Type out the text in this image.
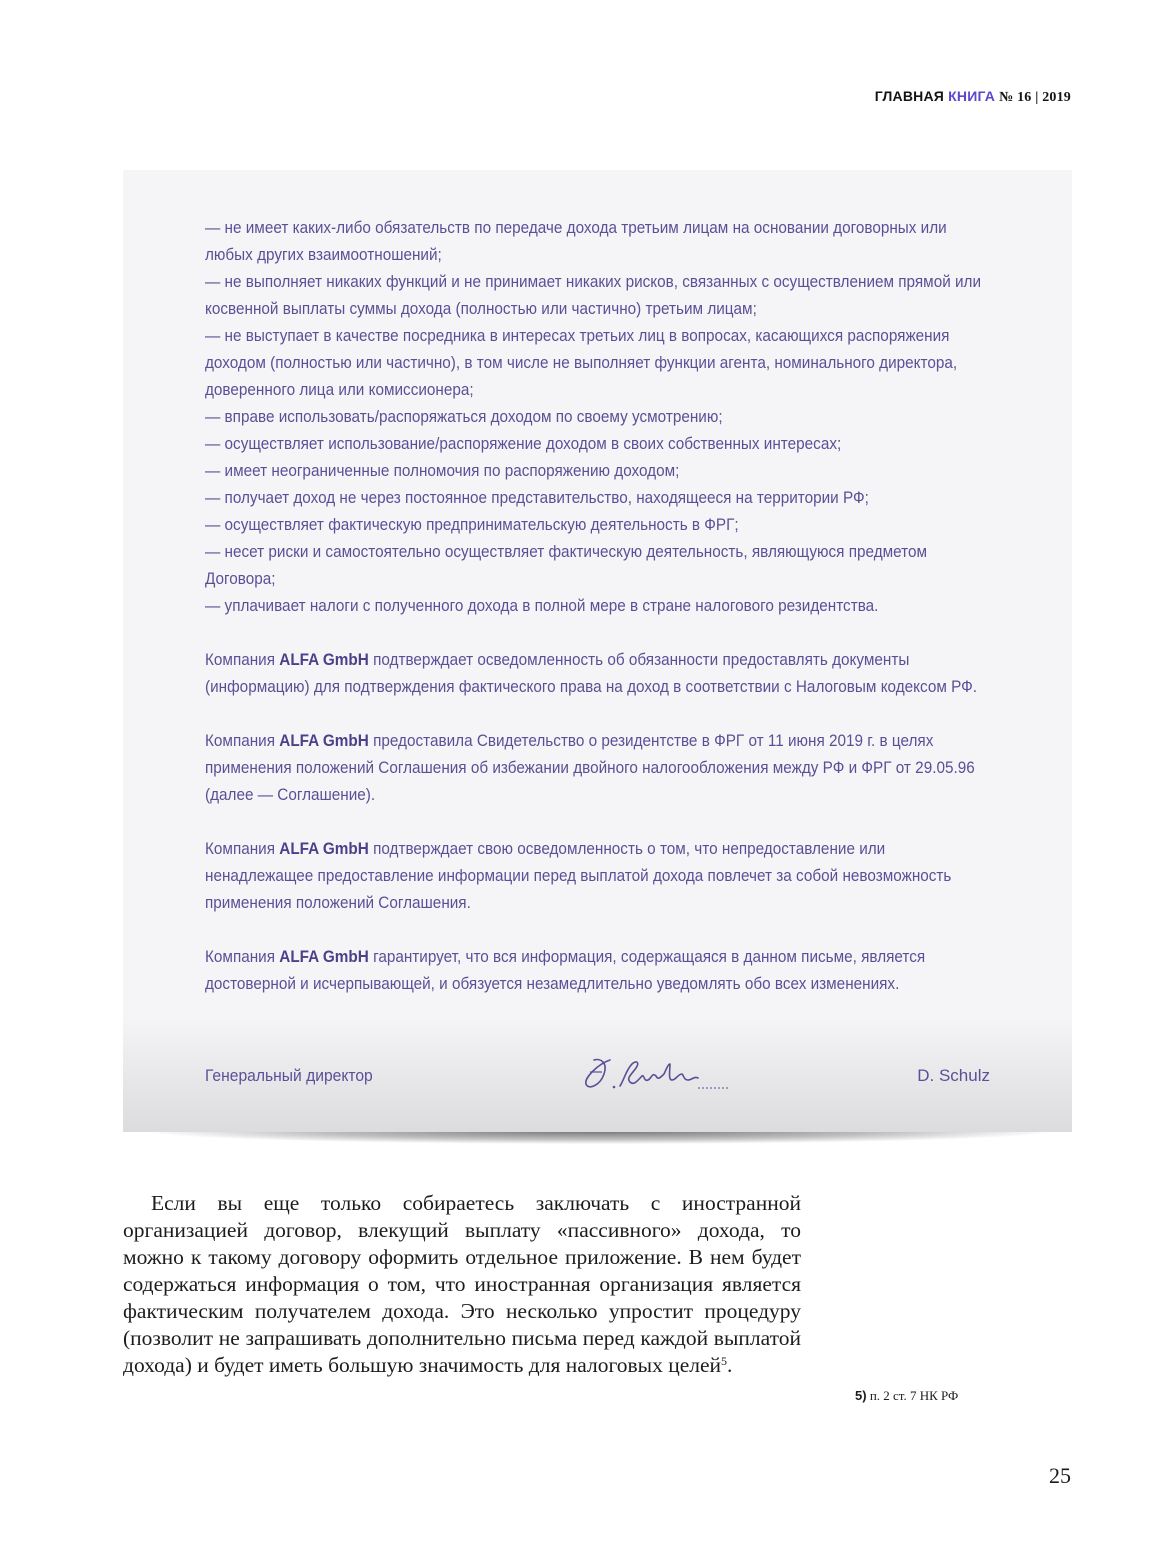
ГЛАВНАЯ КНИГА № 16 | 2019
— не имеет каких-либо обязательств по передаче дохода третьим лицам на основании договорных или любых других взаимоотношений;
— не выполняет никаких функций и не принимает никаких рисков, связанных с осуществлением прямой или косвенной выплаты суммы дохода (полностью или частично) третьим лицам;
— не выступает в качестве посредника в интересах третьих лиц в вопросах, касающихся распоряжения доходом (полностью или частично), в том числе не выполняет функции агента, номинального директора, доверенного лица или комиссионера;
— вправе использовать/распоряжаться доходом по своему усмотрению;
— осуществляет использование/распоряжение доходом в своих собственных интересах;
— имеет неограниченные полномочия по распоряжению доходом;
— получает доход не через постоянное представительство, находящееся на территории РФ;
— осуществляет фактическую предпринимательскую деятельность в ФРГ;
— несет риски и самостоятельно осуществляет фактическую деятельность, являющуюся предметом Договора;
— уплачивает налоги с полученного дохода в полной мере в стране налогового резидентства.

Компания ALFA GmbH подтверждает осведомленность об обязанности предоставлять документы (информацию) для подтверждения фактического права на доход в соответствии с Налоговым кодексом РФ.

Компания ALFA GmbH предоставила Свидетельство о резидентстве в ФРГ от 11 июня 2019 г. в целях применения положений Соглашения об избежании двойного налогообложения между РФ и ФРГ от 29.05.96 (далее — Соглашение).

Компания ALFA GmbH подтверждает свою осведомленность о том, что непредоставление или ненадлежащее предоставление информации перед выплатой дохода повлечет за собой невозможность применения положений Соглашения.

Компания ALFA GmbH гарантирует, что вся информация, содержащаяся в данном письме, является достоверной и исчерпывающей, и обязуется незамедлительно уведомлять обо всех изменениях.

Генеральный директор	D. Schulz

Если вы еще только собираетесь заключать с иностранной организацией договор, влекущий выплату «пассивного» дохода, то можно к такому договору оформить отдельное приложение. В нем будет содержаться информация о том, что иностранная организация является фактическим получателем дохода. Это несколько упростит процедуру (позволит не запрашивать дополнительно письма перед каждой выплатой дохода) и будет иметь большую значимость для налоговых целей$^5$.

5) п. 2 ст. 7 НК РФ
25
